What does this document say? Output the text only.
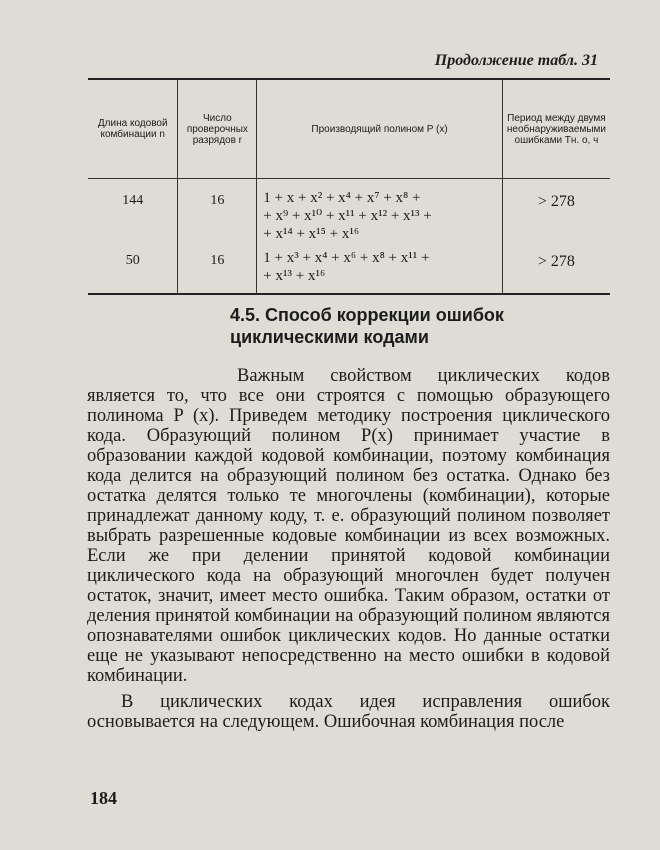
Продолжение табл. 31
Длина кодовой комбинации n	Число проверочных разрядов r	Производящий полином P (x)	Период между двумя необнаруживаемыми ошибками Tн. о, ч
144	16	1 + x + x² + x⁴ + x⁷ + x⁸ +
+ x⁹ + x¹⁰ + x¹¹ + x¹² + x¹³ +
+ x¹⁴ + x¹⁵ + x¹⁶	> 278
50	16	1 + x³ + x⁴ + x⁶ + x⁸ + x¹¹ +
+ x¹³ + x¹⁶	> 278
4.5. Способ коррекции ошибок
циклическими кодами

Важным свойством циклических кодов является то, что все они строятся с помощью образующего полинома P (x). Приведем методику построения циклического кода. Образующий полином P(x) принимает участие в образовании каждой кодовой комбинации, поэтому комбинация кода делится на образующий полином без остатка. Однако без остатка делятся только те многочлены (комбинации), которые принадлежат данному коду, т. е. образующий полином позволяет выбрать разрешенные кодовые комбинации из всех возможных. Если же при делении принятой кодовой комбинации циклического кода на образующий многочлен будет получен остаток, значит, имеет место ошибка. Таким образом, остатки от деления принятой комбинации на образующий полином являются опознавателями ошибок циклических кодов. Но данные остатки еще не указывают непосредственно на место ошибки в кодовой комбинации.

В циклических кодах идея исправления ошибок основывается на следующем. Ошибочная комбинация после

184
